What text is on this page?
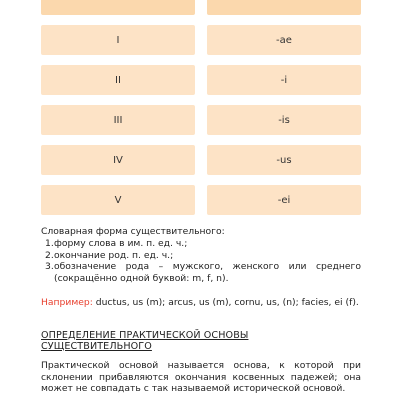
I	-ae
II	-i
III	-is
IV	-us
V	-ei
Словарная форма существительного:
1. форму слова в им. п. ед. ч.;
2. окончание род. п. ед. ч.;
3. обозначение рода – мужского, женского или среднего
(сокращённо одной буквой: m, f, n).
Например: ductus, us (m); arcus, us (m), cornu, us, (n); facies, ei (f).
ОПРЕДЕЛЕНИЕ ПРАКТИЧЕСКОЙ ОСНОВЫ СУЩЕСТВИТЕЛЬНОГО
Практической основой называется основа, к которой при склонении прибавляются окончания косвенных падежей; она может не совпадать с так называемой исторической основой.
